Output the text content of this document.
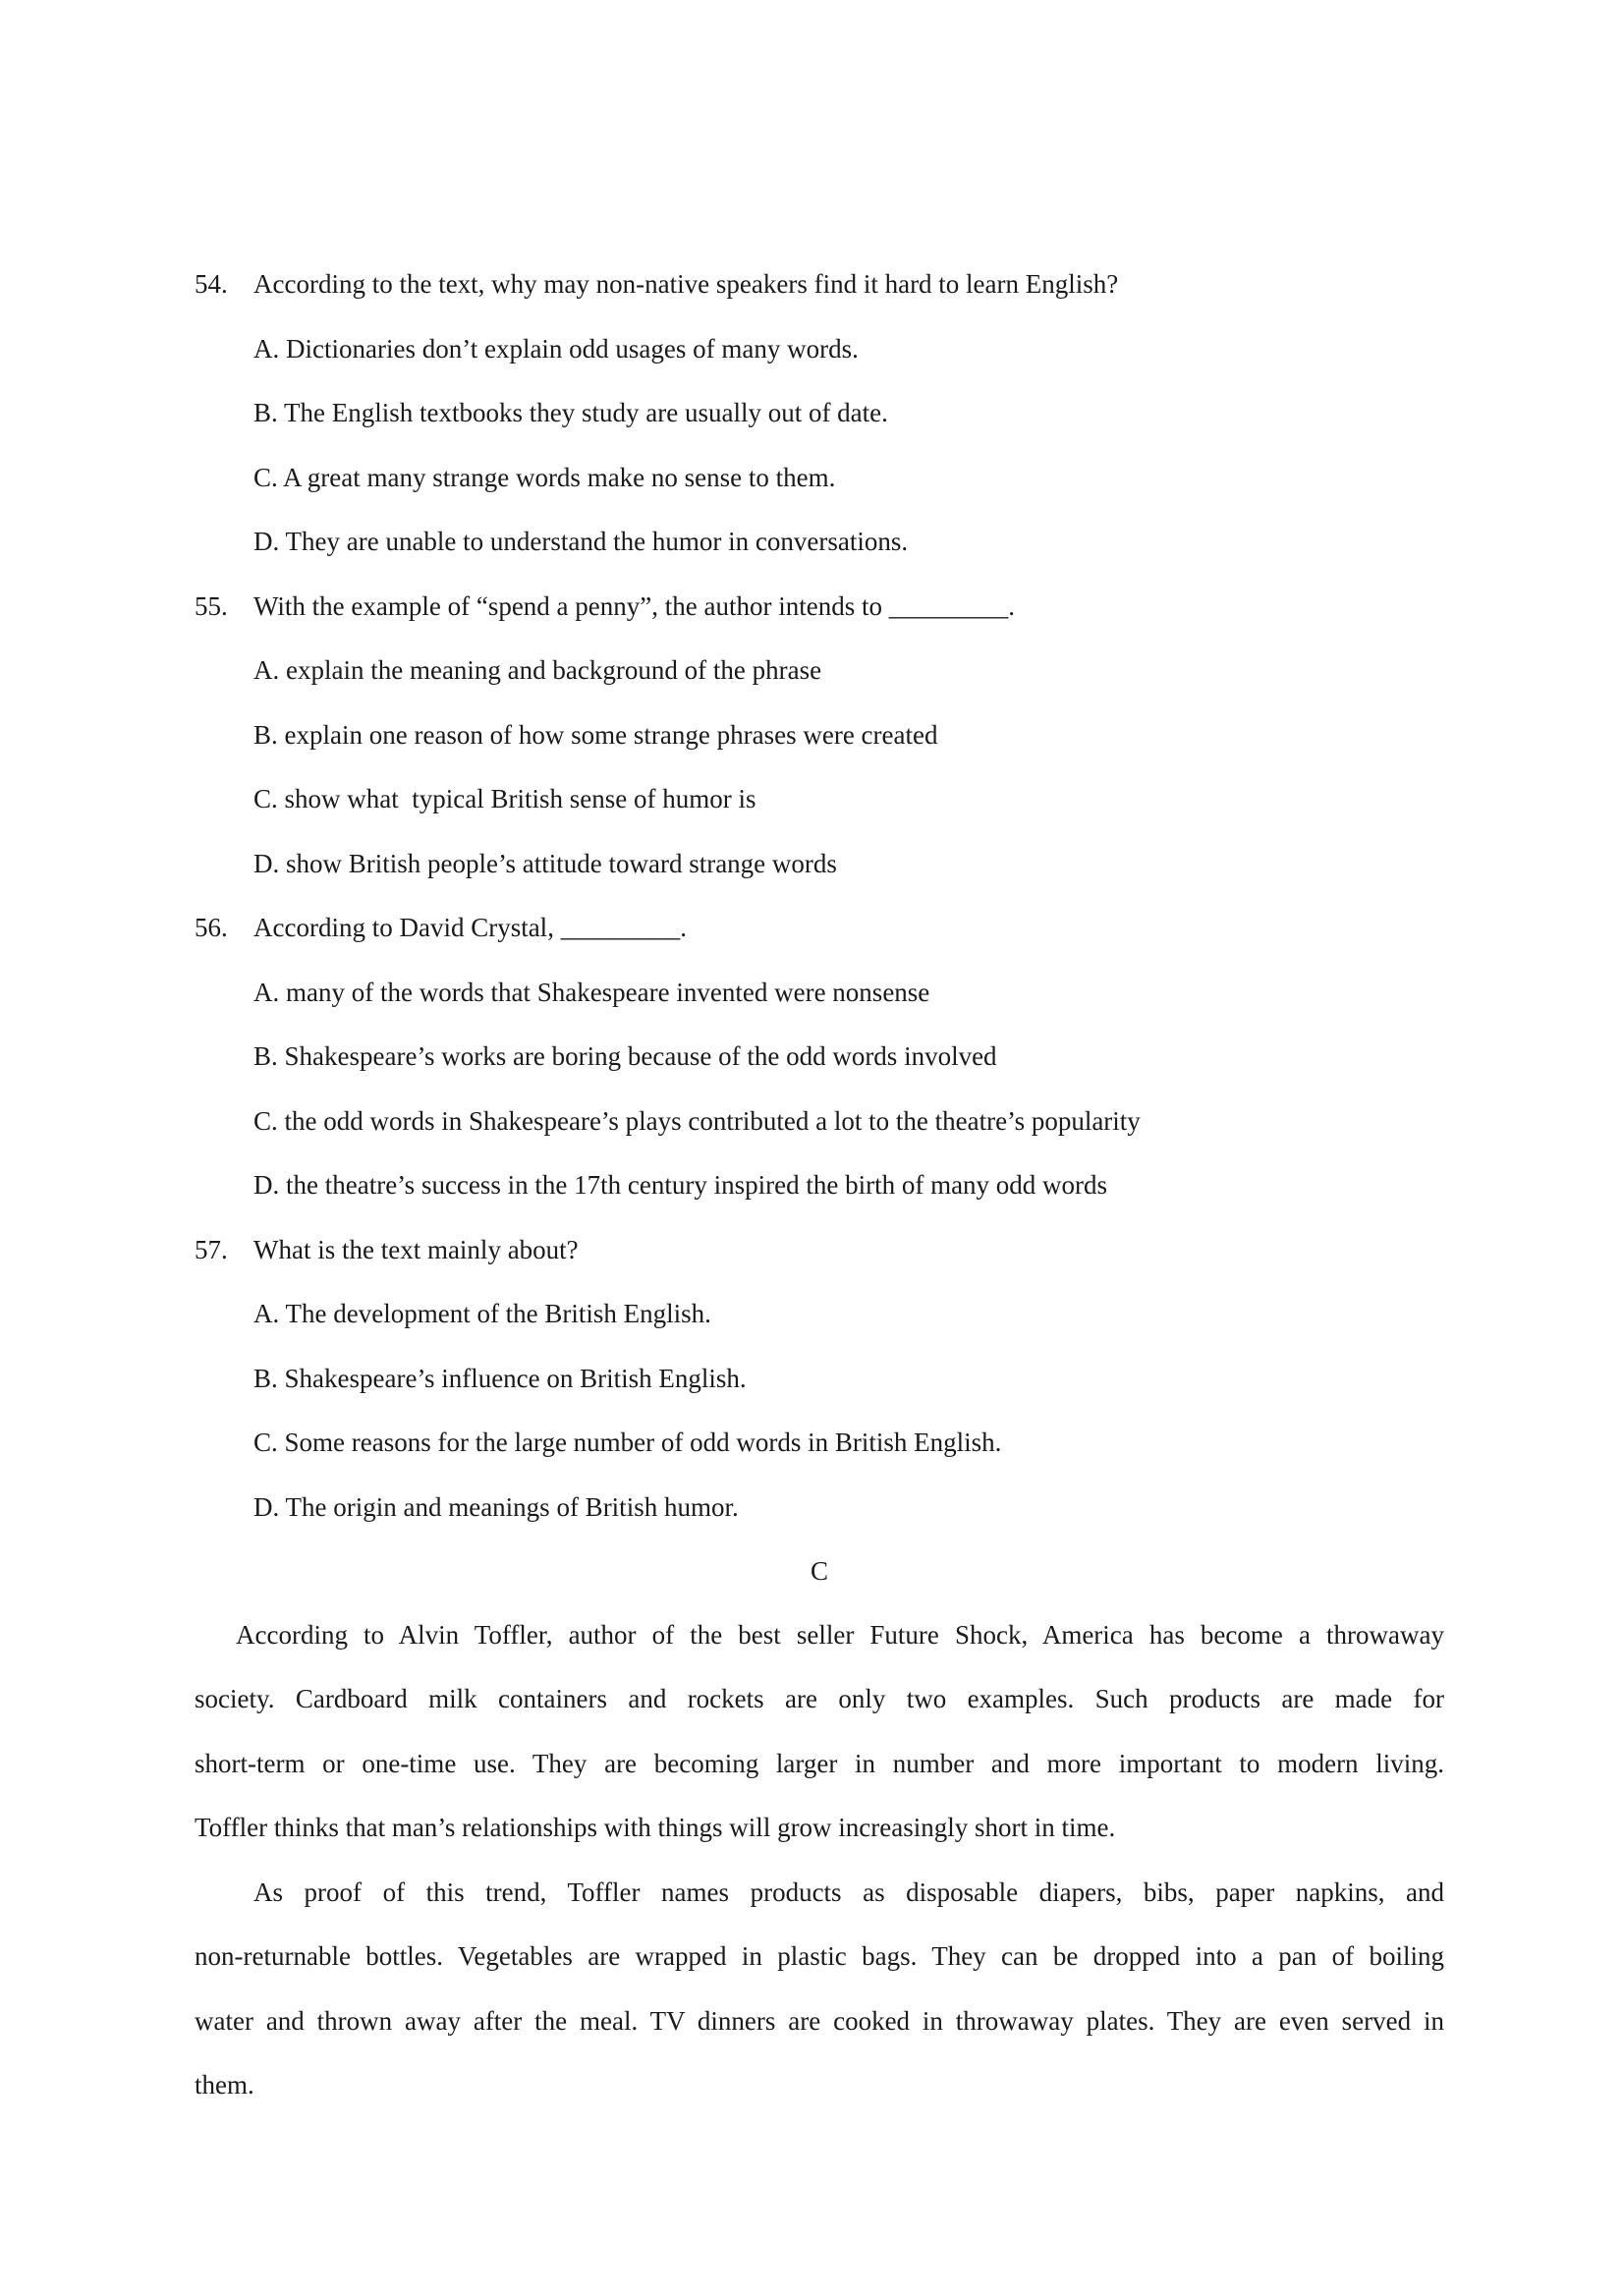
54. According to the text, why may non-native speakers find it hard to learn English?
A. Dictionaries don’t explain odd usages of many words.
B. The English textbooks they study are usually out of date.
C. A great many strange words make no sense to them.
D. They are unable to understand the humor in conversations.
55. With the example of “spend a penny”, the author intends to _________.
A. explain the meaning and background of the phrase
B. explain one reason of how some strange phrases were created
C. show what  typical British sense of humor is
D. show British people’s attitude toward strange words
56. According to David Crystal, _________.
A. many of the words that Shakespeare invented were nonsense
B. Shakespeare’s works are boring because of the odd words involved
C. the odd words in Shakespeare’s plays contributed a lot to the theatre’s popularity
D. the theatre’s success in the 17th century inspired the birth of many odd words
57. What is the text mainly about?
A. The development of the British English.
B. Shakespeare’s influence on British English.
C. Some reasons for the large number of odd words in British English.
D. The origin and meanings of British humor.
C
According to Alvin Toffler, author of the best seller Future Shock, America has become a throwaway
society. Cardboard milk containers and rockets are only two examples. Such products are made for
short-term or one-time use. They are becoming larger in number and more important to modern living.
Toffler thinks that man’s relationships with things will grow increasingly short in time.
As proof of this trend, Toffler names products as disposable diapers, bibs, paper napkins, and
non-returnable bottles. Vegetables are wrapped in plastic bags. They can be dropped into a pan of boiling
water and thrown away after the meal. TV dinners are cooked in throwaway plates. They are even served in
them.
